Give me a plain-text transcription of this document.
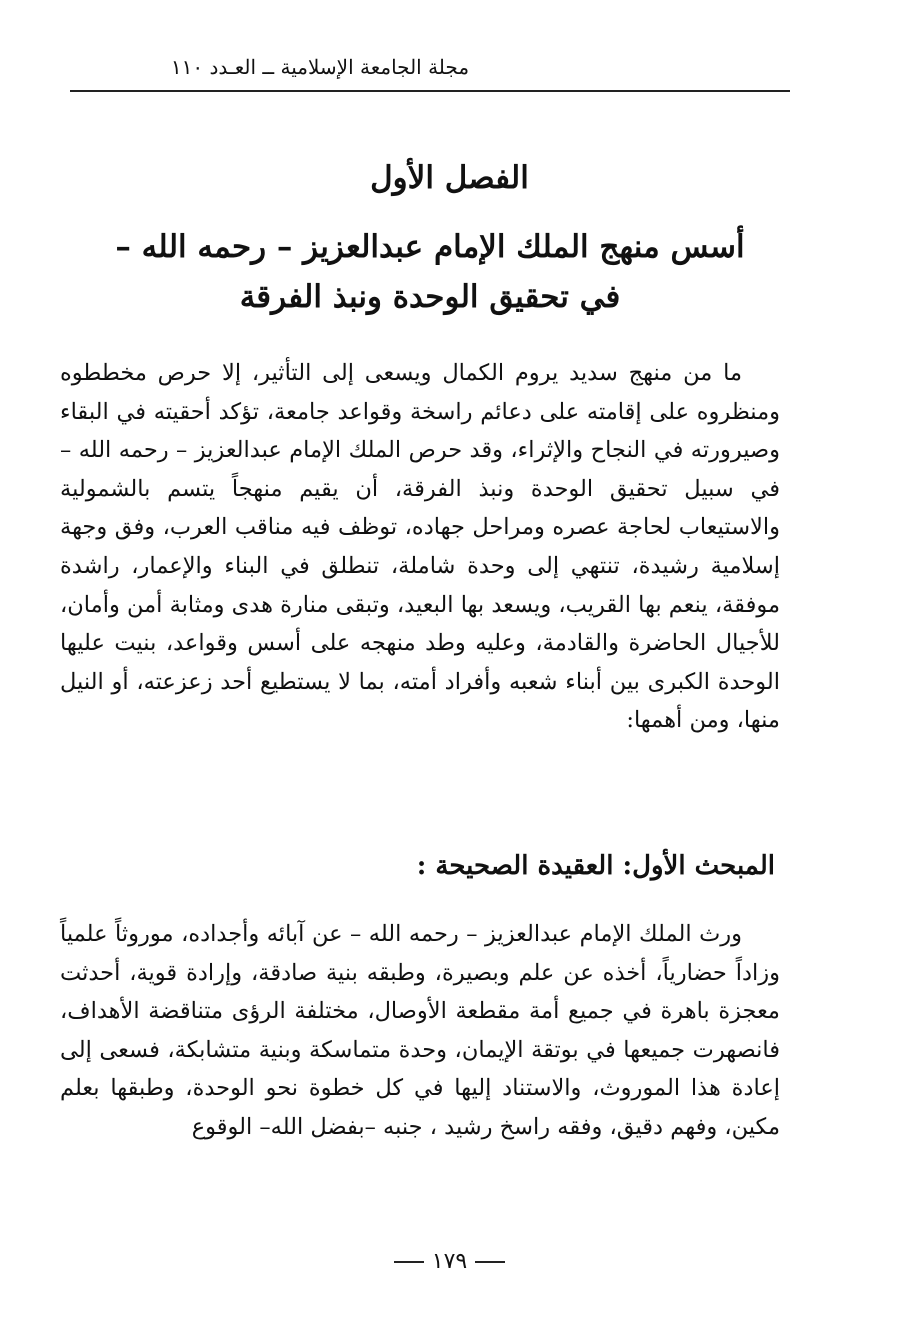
مجلة الجامعة الإسلامية ــ العـدد ١١٠
الفصل الأول
أسس منهج الملك الإمام عبدالعزيز – رحمه الله – في تحقيق الوحدة ونبذ الفرقة

ما من منهج سديد يروم الكمال ويسعى إلى التأثير، إلا حرص مخططوه ومنظروه على إقامته على دعائم راسخة وقواعد جامعة، تؤكد أحقيته في البقاء وصيرورته في النجاح والإثراء، وقد حرص الملك الإمام عبدالعزيز – رحمه الله – في سبيل تحقيق الوحدة ونبذ الفرقة، أن يقيم منهجاً يتسم بالشمولية والاستيعاب لحاجة عصره ومراحل جهاده، توظف فيه مناقب العرب، وفق وجهة إسلامية رشيدة، تنتهي إلى وحدة شاملة، تنطلق في البناء والإعمار، راشدة موفقة، ينعم بها القريب، ويسعد بها البعيد، وتبقى منارة هدى ومثابة أمن وأمان، للأجيال الحاضرة والقادمة، وعليه وطد منهجه على أسس وقواعد، بنيت عليها الوحدة الكبرى بين أبناء شعبه وأفراد أمته، بما لا يستطيع أحد زعزعته، أو النيل منها، ومن أهمها:

المبحث الأول: العقيدة الصحيحة :

ورث الملك الإمام عبدالعزيز – رحمه الله – عن آبائه وأجداده، موروثاً علمياً وزاداً حضارياً، أخذه عن علم وبصيرة، وطبقه بنية صادقة، وإرادة قوية، أحدثت معجزة باهرة في جميع أمة مقطعة الأوصال، مختلفة الرؤى متناقضة الأهداف، فانصهرت جميعها في بوتقة الإيمان، وحدة متماسكة وبنية متشابكة، فسعى إلى إعادة هذا الموروث، والاستناد إليها في كل خطوة نحو الوحدة، وطبقها بعلم مكين، وفهم دقيق، وفقه راسخ رشيد ، جنبه –بفضل الله– الوقوع

١٧٩
